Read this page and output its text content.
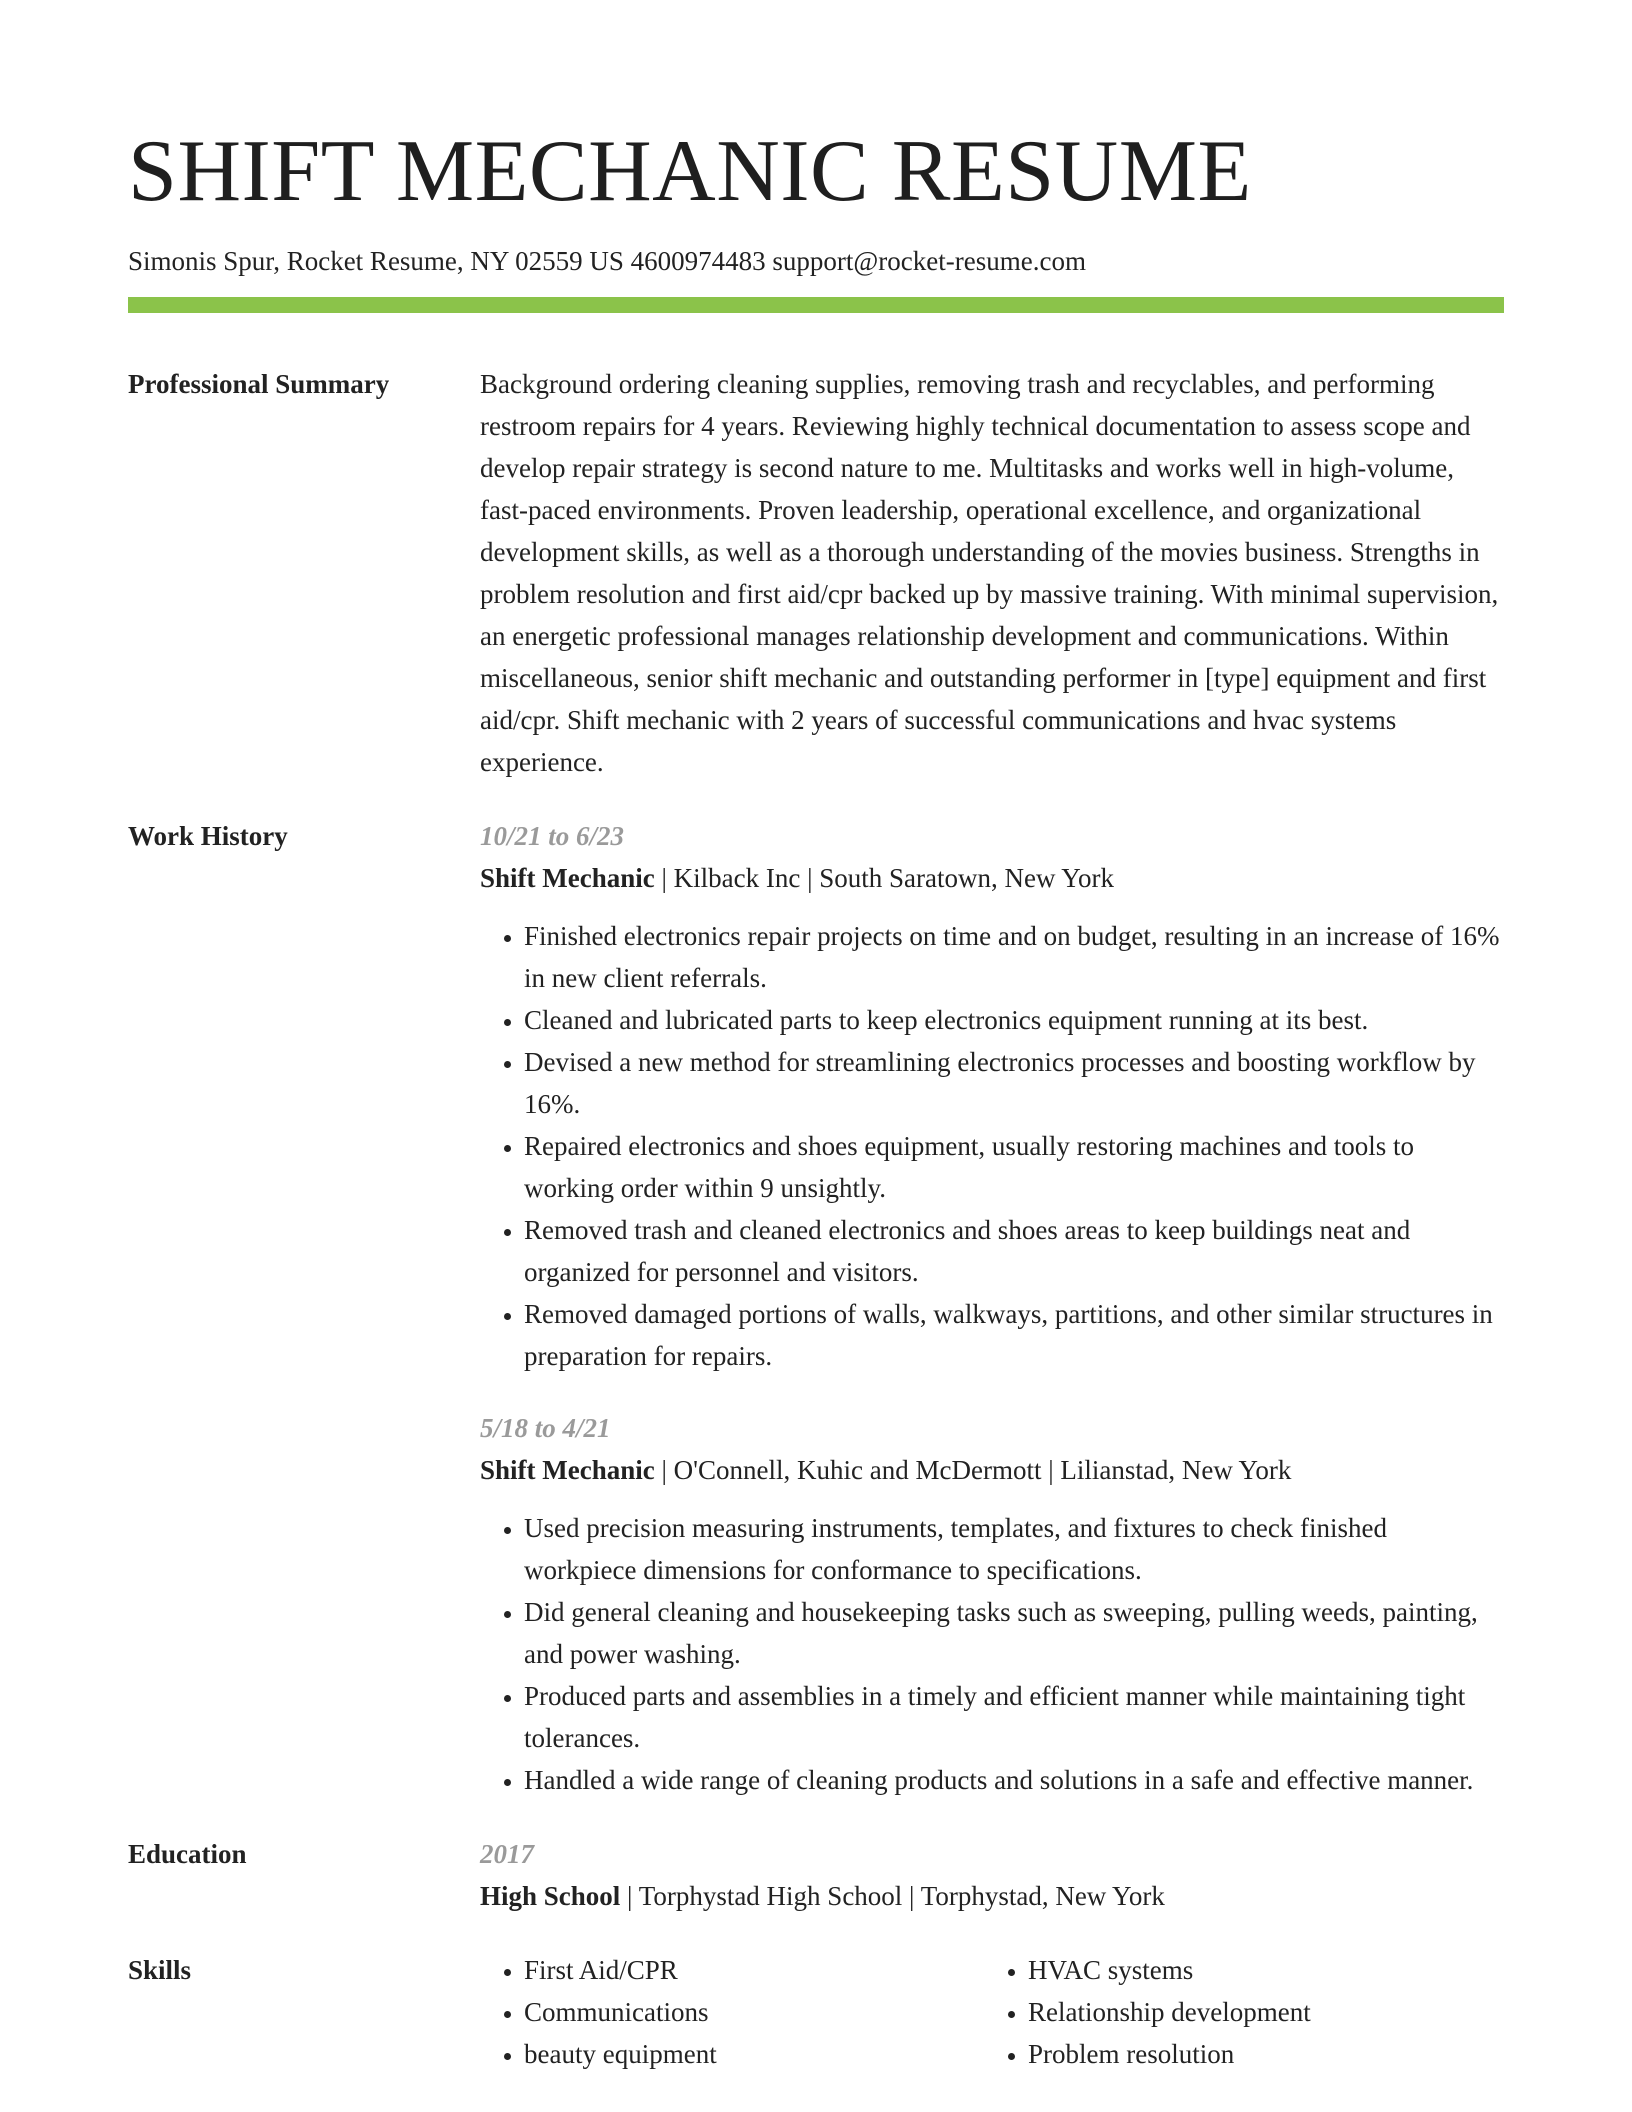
SHIFT MECHANIC RESUME
Simonis Spur, Rocket Resume, NY 02559 US 4600974483 support@rocket-resume.com
Professional Summary	Background ordering cleaning supplies, removing trash and recyclables, and performing restroom repairs for 4 years. Reviewing highly technical documentation to assess scope and develop repair strategy is second nature to me. Multitasks and works well in high-volume, fast-paced environments. Proven leadership, operational excellence, and organizational development skills, as well as a thorough understanding of the movies business. Strengths in problem resolution and first aid/cpr backed up by massive training. With minimal supervision, an energetic professional manages relationship development and communications. Within miscellaneous, senior shift mechanic and outstanding performer in [type] equipment and first aid/cpr. Shift mechanic with 2 years of successful communications and hvac systems experience.

Work History	10/21 to 6/23
Shift Mechanic | Kilback Inc | South Saratown, New York
• Finished electronics repair projects on time and on budget, resulting in an increase of 16% in new client referrals.
• Cleaned and lubricated parts to keep electronics equipment running at its best.
• Devised a new method for streamlining electronics processes and boosting workflow by 16%.
• Repaired electronics and shoes equipment, usually restoring machines and tools to working order within 9 unsightly.
• Removed trash and cleaned electronics and shoes areas to keep buildings neat and organized for personnel and visitors.
• Removed damaged portions of walls, walkways, partitions, and other similar structures in preparation for repairs.
5/18 to 4/21
Shift Mechanic | O'Connell, Kuhic and McDermott | Lilianstad, New York
• Used precision measuring instruments, templates, and fixtures to check finished workpiece dimensions for conformance to specifications.
• Did general cleaning and housekeeping tasks such as sweeping, pulling weeds, painting, and power washing.
• Produced parts and assemblies in a timely and efficient manner while maintaining tight tolerances.
• Handled a wide range of cleaning products and solutions in a safe and effective manner.
Education	2017
High School | Torphystad High School | Torphystad, New York
Skills
•	First Aid/CPR
• Communications
• beauty equipment
• HVAC systems
• Relationship development
• Problem resolution
